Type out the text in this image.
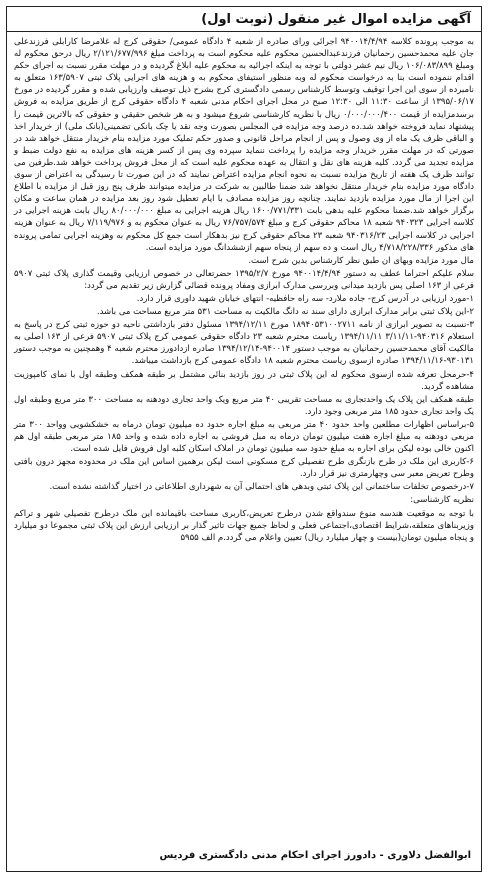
آگهی مزایده اموال غیر منقول (نوبت اول)

به موجب پرونده کلاسه ۹۴۰۰۱۴/۴/۹۴ اجرائی ورای صادره از شعبه ۴ دادگاه عمومی/ حقوقی کرج له غلامرضا کارابلی فرزندعلی جان علیه محمدحسین رحمانیان فرزندعبدالحسین محکوم علیه محکوم است به پرداخت مبلغ ۲/۱۲۱/۶۷۷/۹۹۶ ریال درحق محکوم له ومبلغ ۱۰۶/۰۸۳/۸۹۹ ریال نیم عشر دولتی با توجه به اینکه اجرائیه به محکوم علیه ابلاغ گردیده و در مهلت مقرر نسبت به اجرای حکم اقدام ننموده است بنا به درخواست محکوم له وبه منظور استیفای محکوم به و هزینه های اجرایی پلاک ثبتی ۱۶۳/۵۹۰۷ متعلق به نامبرده از سوی این اجرا توقیف وتوسط کارشناس رسمی دادگستری کرج بشرح ذیل توصیف وارزیابی شده و مقرر گردیده در مورخ ۱۳۹۵/۰۶/۱۷ از ساعت ۱۱:۳۰ الی ۱۲:۳۰ صبح در محل اجرای احکام مدنی شعبه ۴ دادگاه حقوقی کرج از طریق مزایده به فروش برسدمزایده از قیمت ۰/۰۰۰/۰۰۰/۴۰۰ ریال با نظریه کارشناسی شروع میشود و به هر شخص حقیقی و حقوقی که بالاترین قیمت را پیشنهاد نماید فروخته خواهد شد.ده درصد وجه مزایده فی المجلس بصورت وجه نقد یا چک بانکی تضمینی(بانک ملی) از خریدار اخذ و الباقی ظرف یک ماه از وی وصول و پس از انجام مراحل قانونی و صدور حکم تملیک مورد مزایده بنام خریدار منتقل خواهد شد در صورتی که در مهلت مقرر خریدار وجه مزایده را پرداخت ننماید سپرده وی پس از کسر هزینه های مزایده به نفع دولت ضبط و مزایده تجدید می گردد. کلیه هزینه های نقل و انتقال به عهده محکوم علیه است که از محل فروش پرداخت خواهد شد.طرفین می توانند ظرف یک هفته از تاریخ مزایده نسبت به نحوه انجام مزایده اعتراض نمایند که در این صورت تا رسیدگی به اعتراض از سوی دادگاه مورد مزایده بنام خریدار منتقل نخواهد شد ضمنا طالبین به شرکت در مزایده میتوانند ظرف پنج روز قبل از مزایده با اطلاع این اجرا از مال مورد مزایده بازدید نمایند. چنانچه روز مزایده مصادف با ایام تعطیل شود روز بعد مزایده در همان ساعت و مکان برگزار خواهد شد.ضمنا محکوم علیه بدهی بابت ۱۶۰۰/۷۷۱/۳۳۱ ریال هزینه اجرایی به مبلغ ۸۰/۰۰۰/۰۰۰ ریال بابت هزینه اجرایی در کلاسه اجرایی ۹۴۰۳۲۳ شعبه ۱۸ محاکم حقوقی کرج و مبلغ ۷۶/۷۵۷/۵۷۴ ریال به عنوان محکوم به و ۷/۱۱۹/۹۷۶ ریال به عنوان هزینه اجرایی در کلاسه اجرایی ۹۴۰۳۱۶/۲۳ شعبه ۲۳ محاکم حقوقی کرج نیز بدهکار است جمع کل محکوم به وهزینه اجرایی تمامی پرونده های مذکور ۴/۷۱۸/۲۲۸/۳۳۶ ریال است و ده سهم از پنجاه سهم ازششدانگ مورد مزایده است.

مال مورد مزایده وبهای ان طبق نظر کارشناس بدین شرح است.

سلام علیکم احتراما عطف به دستور ۹۴۰۰۱۴/۴/۹۴ مورخ ۱۳۹۵/۲/۷ حضرتعالی در خصوص ارزیابی وقیمت گذاری پلاک ثبتی ۵۹۰۷ فرعی از ۱۶۳ اصلی پس بازدید میدانی وبررسی مدارک ابرازی ومفاد پرونده قضائی گزارش زیر تقدیم می گردد:

۱-مورد ارزیابی در آدرس کرج- جاده ملارد- سه راه حافظیه- انتهای خیابان شهید داوری قرار دارد.

۲-این پلاک ثبتی برابر مدارک ابرازی دارای سند نه دانگ مالکیت به مساحت ۵۳۱ متر مربع مساحت می باشد.

۳-نسبت به تصویر ابرازی از نامه ۱۸۹۴۰۵۳۱۰۰۲۷۱۱ مورخ ۱۳۹۴/۱۲/۱۱ مسئول دفتر بازداشتی ناحیه دو حوزه ثبتی کرج در پاسخ به استعلام ۹۴۰۳۱۶-۳/۱۱/۱۱ ۱۳۹۴/۱۱/۱۱ ریاست محترم شعبه ۲۳ دادگاه حقوقی عمومی کرج پلاک ثبتی ۵۹۰۷ فرعی از ۱۶۳ اصلی به مالکیت آقای محمدحسین رحمانیان به موجب دستور ۹۴۰۰۱۴-۱۳۹۴/۱۲/۱۴ صادره ازدادورز محترم شعبه ۴ وهمچنین به موجب دستور ۹۳۰۱۳۱-۱۳۹۴/۱۱/۱۶ صادره ازسوی ریاست محترم شعبه ۱۸ دادگاه عمومی کرج بازداشت میباشد.

۴-حرمحل تعرفه شده ازسوی محکوم له این پلاک ثبتی در روز بازدید بنائی مشتمل بر طبقه همکف وطبقه اول با نمای کامپوزیت مشاهده گردید.

طبقه همکف این پلاک یک واحدتجاری به مساحت تقریبی ۴۰ متر مربع ویک واحد تجاری دودهنه به مساحت ۳۰۰ متر مربع وطبقه اول یک واحد تجاری حدود ۱۸۵ متر مربعی وجود دارد.

۵-براساس اظهارات مطلعین واحد حدود ۴۰ متر مربعی به مبلغ اجاره حدود ده میلیون تومان درماه به خشکشویی وواحد ۳۰۰ متر مربعی دودهنه به مبلغ اجاره هفت میلیون تومان درماه به مبل فروشی به اجاره داده شده و واحد ۱۸۵ متر مربعی طبقه اول هم اکنون خالی بوده لیکن برای اجاره به مبلغ حدود سه میلیون تومان در املاک اسکان کلبه اول فروش فایل شده است.

۶-کاربری این ملک در طرح بازنگری طرح تفصیلی کرج مسکونی است لیکن برهمین اساس این ملک در محدوده مجهز درون بافتی وطرح تعریض معبر سی وچهارمتری نیز قرار دارد.

۷-درخصوص تخلفات ساختمانی این پلاک ثبتی وبدهی های احتمالی آن به شهرداری اطلاعاتی در اختیار گذاشته نشده است.

نظریه کارشناسی:

با توجه به موقعیت هندسه منوع سندواقع شدن درطرح تعریض،کاربری مساحت باقیمانده این ملک درطرح تفصیلی شهر و تراکم وزیربناهای متعلقه،شرایط اقتصادی،اجتماعی فعلی و لحاظ جمیع جهات تاثیر گذار بر ارزیابی ارزش این پلاک ثبتی مجموعا دو میلیارد و پنجاه میلیون تومان(بیست و چهار میلیارد ریال) تعیین واعلام می گردد.م الف ۵۹۵۵

ابوالفضل دلاوری - دادورز اجرای احکام مدنی دادگستری فردیس
